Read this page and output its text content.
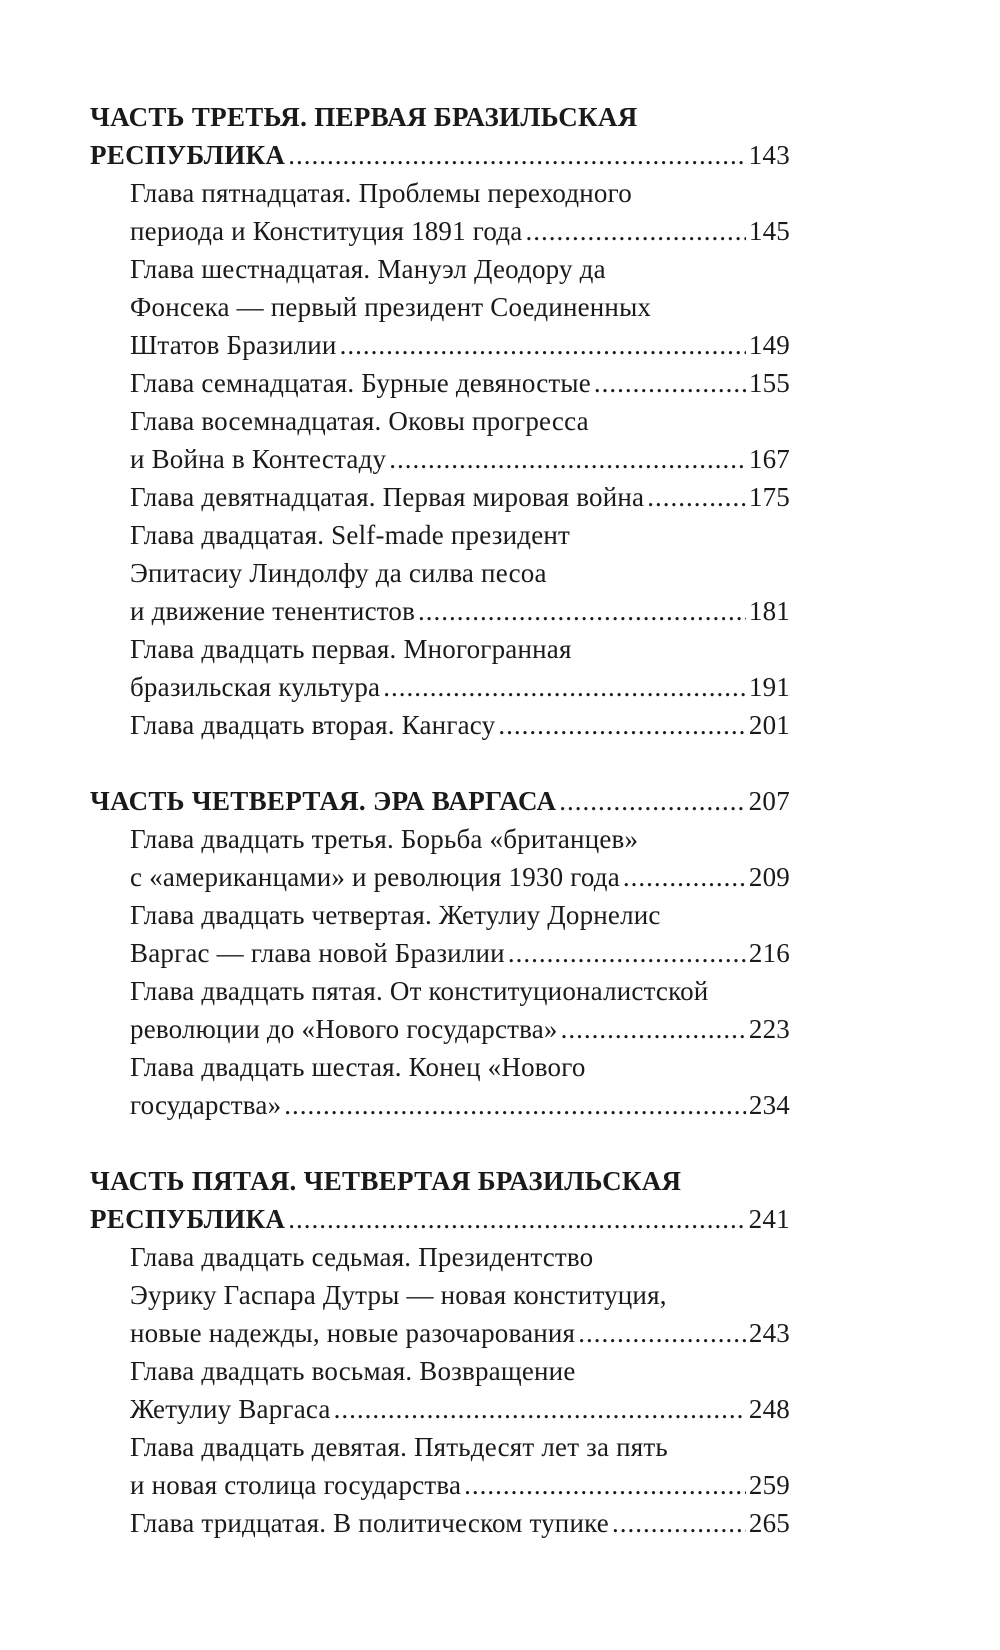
ЧАСТЬ ТРЕТЬЯ. ПЕРВАЯ БРАЗИЛЬСКАЯ
РЕСПУБЛИКА .....	143
Глава пятнадцатая. Проблемы переходного
периода и Конституция 1891 года .....	145
Глава шестнадцатая. Мануэл Деодору да
Фонсека — первый президент Соединенных
Штатов Бразилии .....	149
Глава семнадцатая. Бурные девяностые .....	155
Глава восемнадцатая. Оковы прогресса
и Война в Контестаду .....	167
Глава девятнадцатая. Первая мировая война .....	175
Глава двадцатая. Self-made президент
Эпитасиу Линдолфу да силва песоа
и движение тенентистов .....	181
Глава двадцать первая. Многогранная
бразильская культура .....	191
Глава двадцать вторая. Кангасу .....	201
ЧАСТЬ ЧЕТВЕРТАЯ. ЭРА ВАРГАСА .....	207
Глава двадцать третья. Борьба «британцев»
с «американцами» и революция 1930 года .....	209
Глава двадцать четвертая. Жетулиу Дорнелис
Варгас — глава новой Бразилии .....	216
Глава двадцать пятая. От конституционалистской
революции до «Нового государства» .....	223
Глава двадцать шестая. Конец «Нового
государства» .....	234
ЧАСТЬ ПЯТАЯ. ЧЕТВЕРТАЯ БРАЗИЛЬСКАЯ
РЕСПУБЛИКА .....	241
Глава двадцать седьмая. Президентство
Эурику Гаспара Дутры — новая конституция,
новые надежды, новые разочарования .....	243
Глава двадцать восьмая. Возвращение
Жетулиу Варгаса .....	248
Глава двадцать девятая. Пятьдесят лет за пять
и новая столица государства .....	259
Глава тридцатая. В политическом тупике .....	265
